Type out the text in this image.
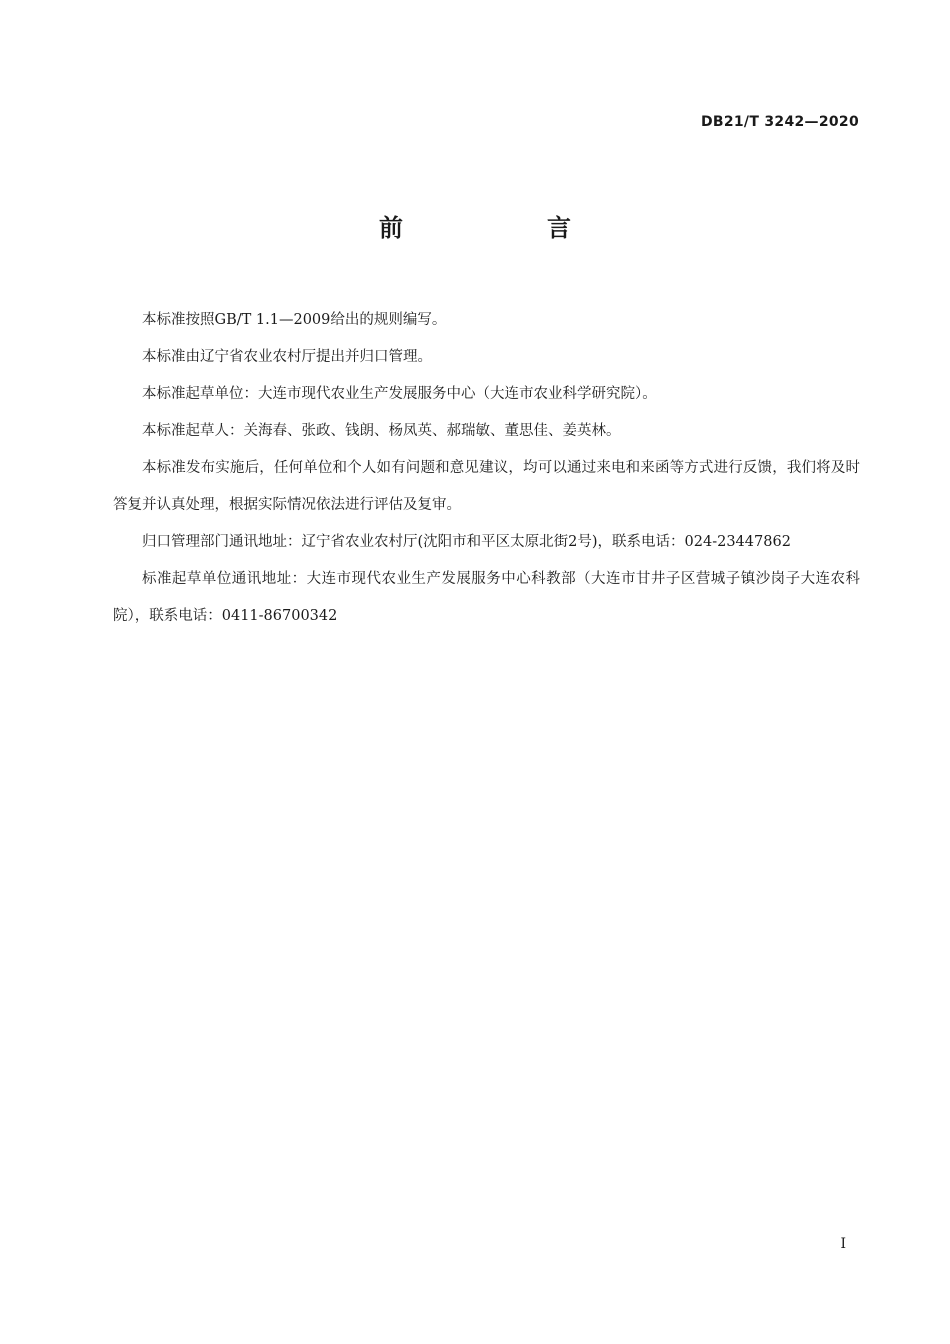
DB21/T 3242—2020
前　言

本标准按照GB/T 1.1—2009给出的规则编写。

本标准由辽宁省农业农村厅提出并归口管理。

本标准起草单位：大连市现代农业生产发展服务中心（大连市农业科学研究院）。

本标准起草人：关海春、张政、钱朗、杨凤英、郝瑞敏、董思佳、姜英林。

本标准发布实施后，任何单位和个人如有问题和意见建议，均可以通过来电和来函等方式进行反馈，我们将及时答复并认真处理，根据实际情况依法进行评估及复审。

归口管理部门通讯地址：辽宁省农业农村厅(沈阳市和平区太原北街2号)，联系电话：024-23447862

标准起草单位通讯地址：大连市现代农业生产发展服务中心科教部（大连市甘井子区营城子镇沙岗子大连农科院），联系电话：0411-86700342

I
